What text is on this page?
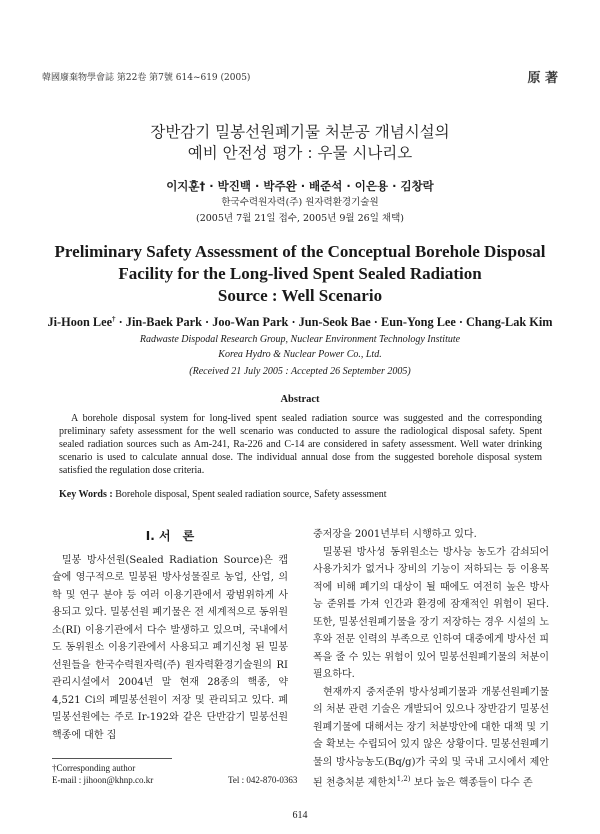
韓國廢棄物學會誌 第22卷 第7號 614~619 (2005)	原 著
장반감기 밀봉선원폐기물 처분공 개념시설의
예비 안전성 평가 : 우물 시나리오
이지훈† · 박진백 · 박주완 · 배준석 · 이은용 · 김창락
한국수력원자력(주) 원자력환경기술원
(2005년 7월 21일 접수, 2005년 9월 26일 채택)
Preliminary Safety Assessment of the Conceptual Borehole Disposal
Facility for the Long-lived Spent Sealed Radiation
Source : Well Scenario
Ji-Hoon Lee† · Jin-Baek Park · Joo-Wan Park · Jun-Seok Bae · Eun-Yong Lee · Chang-Lak Kim
Radwaste Dispodal Research Group, Nuclear Environment Technology Institute
Korea Hydro & Nuclear Power Co., Ltd.
(Received 21 July 2005 : Accepted 26 September 2005)
Abstract
A borehole disposal system for long-lived spent sealed radiation source was suggested and the corresponding preliminary safety assessment for the well scenario was conducted to assure the radiological disposal safety. Spent sealed radiation sources such as Am-241, Ra-226 and C-14 are considered in safety assessment. Well water drinking scenario is used to calculate annual dose. The individual annual dose from the suggested borehole disposal system satisfied the regulation dose criteria.
Key Words : Borehole disposal, Spent sealed radiation source, Safety assessment
I. 서　론

밀봉 방사선원(Sealed Radiation Source)은 캡슐에 영구적으로 밀봉된 방사성물질로 농업, 산업, 의학 및 연구 분야 등 여러 이용기관에서 광범위하게 사용되고 있다. 밀봉선원 폐기물은 전 세계적으로 동위원소(RI) 이용기관에서 다수 발생하고 있으며, 국내에서도 동위원소 이용기관에서 사용되고 폐기신청 된 밀봉선원들을 한국수력원자력(주) 원자력환경기술원의 RI 관리시설에서 2004년 말 현재 28종의 핵종, 약 4,521 Ci의 폐밀봉선원이 저장 및 관리되고 있다. 폐 밀봉선원에는 주로 Ir-192와 같은 단반감기 밀봉선원 핵종에 대한 집

중저장을 2001년부터 시행하고 있다.

밀봉된 방사성 동위원소는 방사능 농도가 감쇠되어 사용가치가 없거나 장비의 기능이 저하되는 등 이용목적에 비해 폐기의 대상이 될 때에도 여전히 높은 방사능 준위를 가져 인간과 환경에 잠재적인 위험이 된다. 또한, 밀봉선원폐기물을 장기 저장하는 경우 시설의 노후와 전문 인력의 부족으로 인하여 대중에게 방사선 피폭을 줄 수 있는 위험이 있어 밀봉선원폐기물의 처분이 필요하다.

현재까지 중저준위 방사성폐기물과 개봉선원폐기물의 처분 관련 기술은 개발되어 있으나 장반감기 밀봉선원폐기물에 대해서는 장기 처분방안에 대한 대책 및 기술 확보는 수립되어 있지 않은 상황이다. 밀봉선원폐기물의 방사능농도(Bq/g)가 국외 및 국내 고시에서 제안된 천층처분 제한치$^{1,2)}$ 보다 높은 핵종들이 다수 존

†Corresponding author
E-mail : jihoon@khnp.co.kr	Tel : 042-870-0363
614
